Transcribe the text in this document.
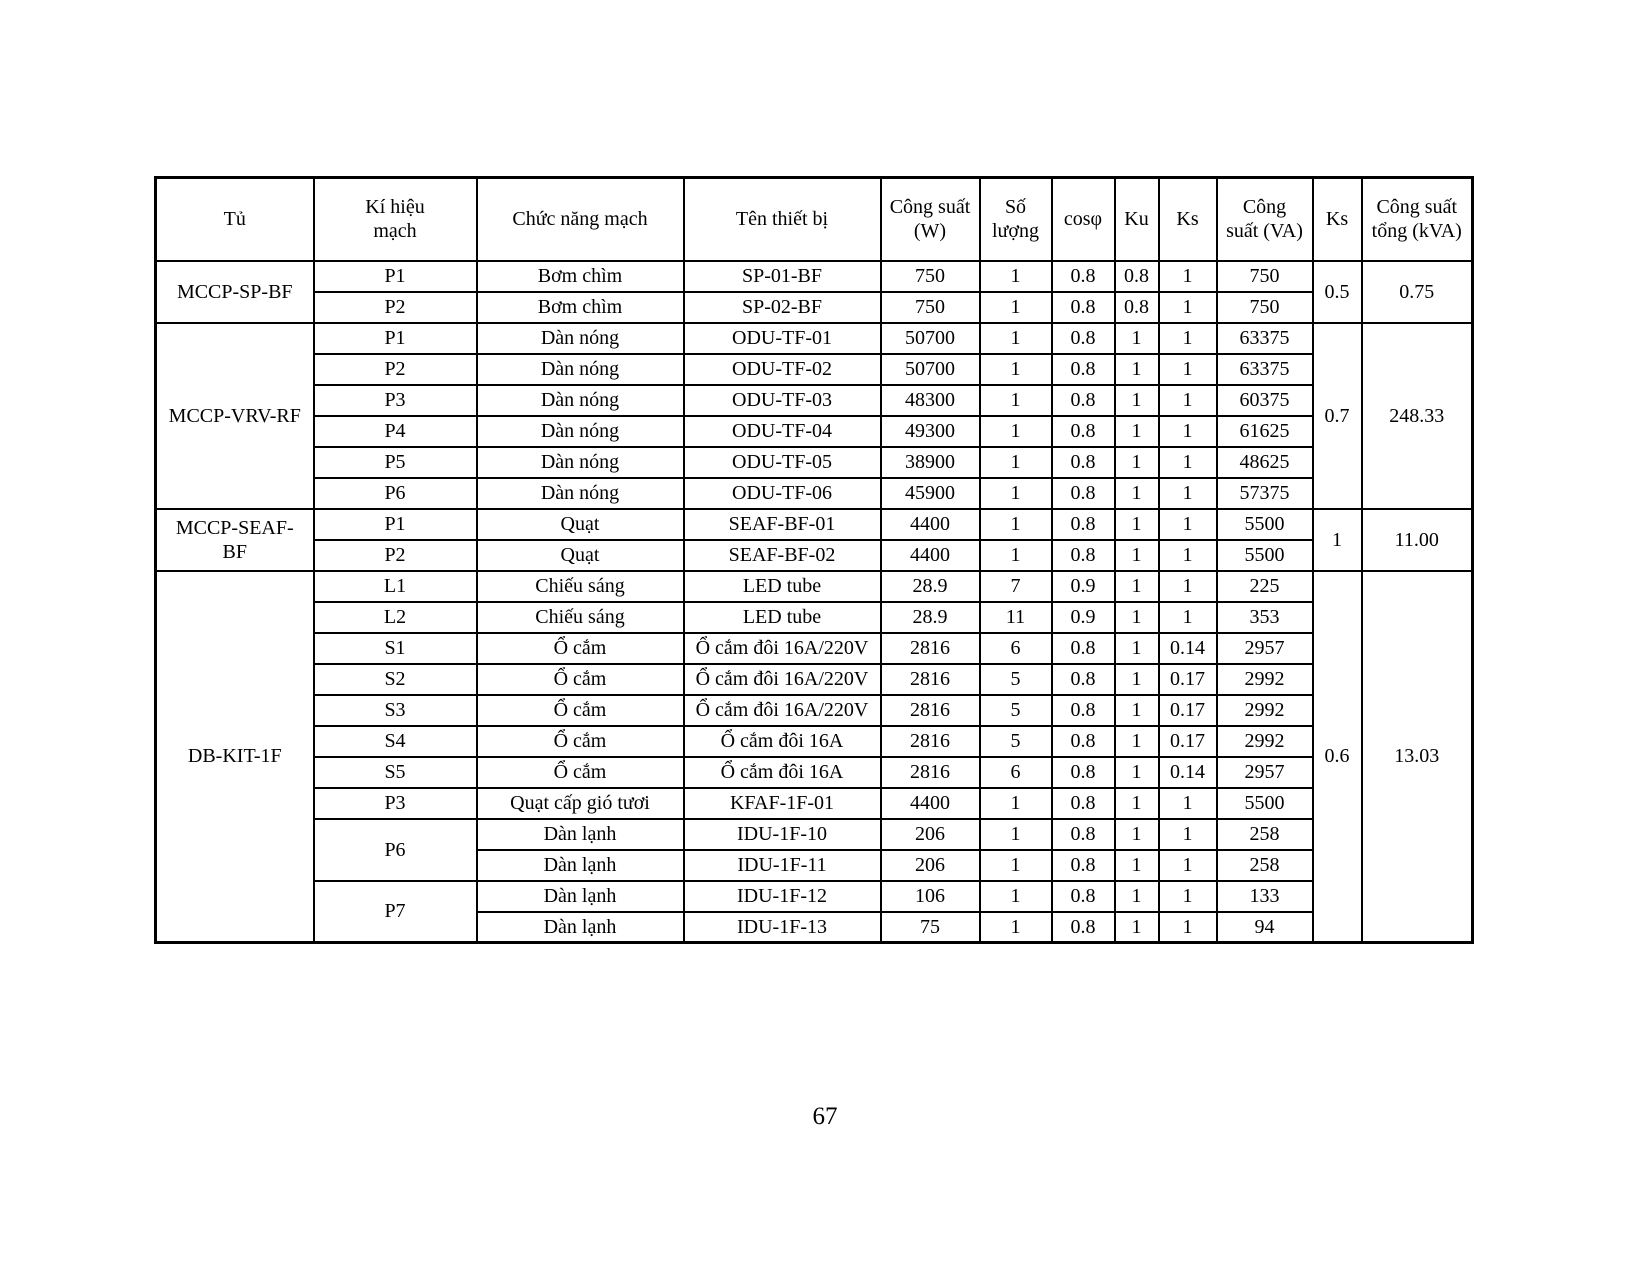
Tủ	Kí hiệu mạch	Chức năng mạch	Tên thiết bị	Công suất (W)	Số lượng	cosφ	Ku	Ks	Công suất (VA)	Ks	Công suất tổng (kVA)
MCCP-SP-BF	P1	Bơm chìm	SP-01-BF	750	1	0.8	0.8	1	750	0.5	0.75
	P2	Bơm chìm	SP-02-BF	750	1	0.8	0.8	1	750		
MCCP-VRV-RF	P1	Dàn nóng	ODU-TF-01	50700	1	0.8	1	1	63375	0.7	248.33
	P2	Dàn nóng	ODU-TF-02	50700	1	0.8	1	1	63375		
	P3	Dàn nóng	ODU-TF-03	48300	1	0.8	1	1	60375		
	P4	Dàn nóng	ODU-TF-04	49300	1	0.8	1	1	61625		
	P5	Dàn nóng	ODU-TF-05	38900	1	0.8	1	1	48625		
	P6	Dàn nóng	ODU-TF-06	45900	1	0.8	1	1	57375		
MCCP-SEAF-BF	P1	Quạt	SEAF-BF-01	4400	1	0.8	1	1	5500	1	11.00
	P2	Quạt	SEAF-BF-02	4400	1	0.8	1	1	5500		
DB-KIT-1F	L1	Chiếu sáng	LED tube	28.9	7	0.9	1	1	225	0.6	13.03
	L2	Chiếu sáng	LED tube	28.9	11	0.9	1	1	353		
	S1	Ổ cắm	Ổ cắm đôi 16A/220V	2816	6	0.8	1	0.14	2957		
	S2	Ổ cắm	Ổ cắm đôi 16A/220V	2816	5	0.8	1	0.17	2992		
	S3	Ổ cắm	Ổ cắm đôi 16A/220V	2816	5	0.8	1	0.17	2992		
	S4	Ổ cắm	Ổ cắm đôi 16A	2816	5	0.8	1	0.17	2992		
	S5	Ổ cắm	Ổ cắm đôi 16A	2816	6	0.8	1	0.14	2957		
	P3	Quạt cấp gió tươi	KFAF-1F-01	4400	1	0.8	1	1	5500		
	P6	Dàn lạnh	IDU-1F-10	206	1	0.8	1	1	258		
		Dàn lạnh	IDU-1F-11	206	1	0.8	1	1	258		
	P7	Dàn lạnh	IDU-1F-12	106	1	0.8	1	1	133		
		Dàn lạnh	IDU-1F-13	75	1	0.8	1	1	94		
67
